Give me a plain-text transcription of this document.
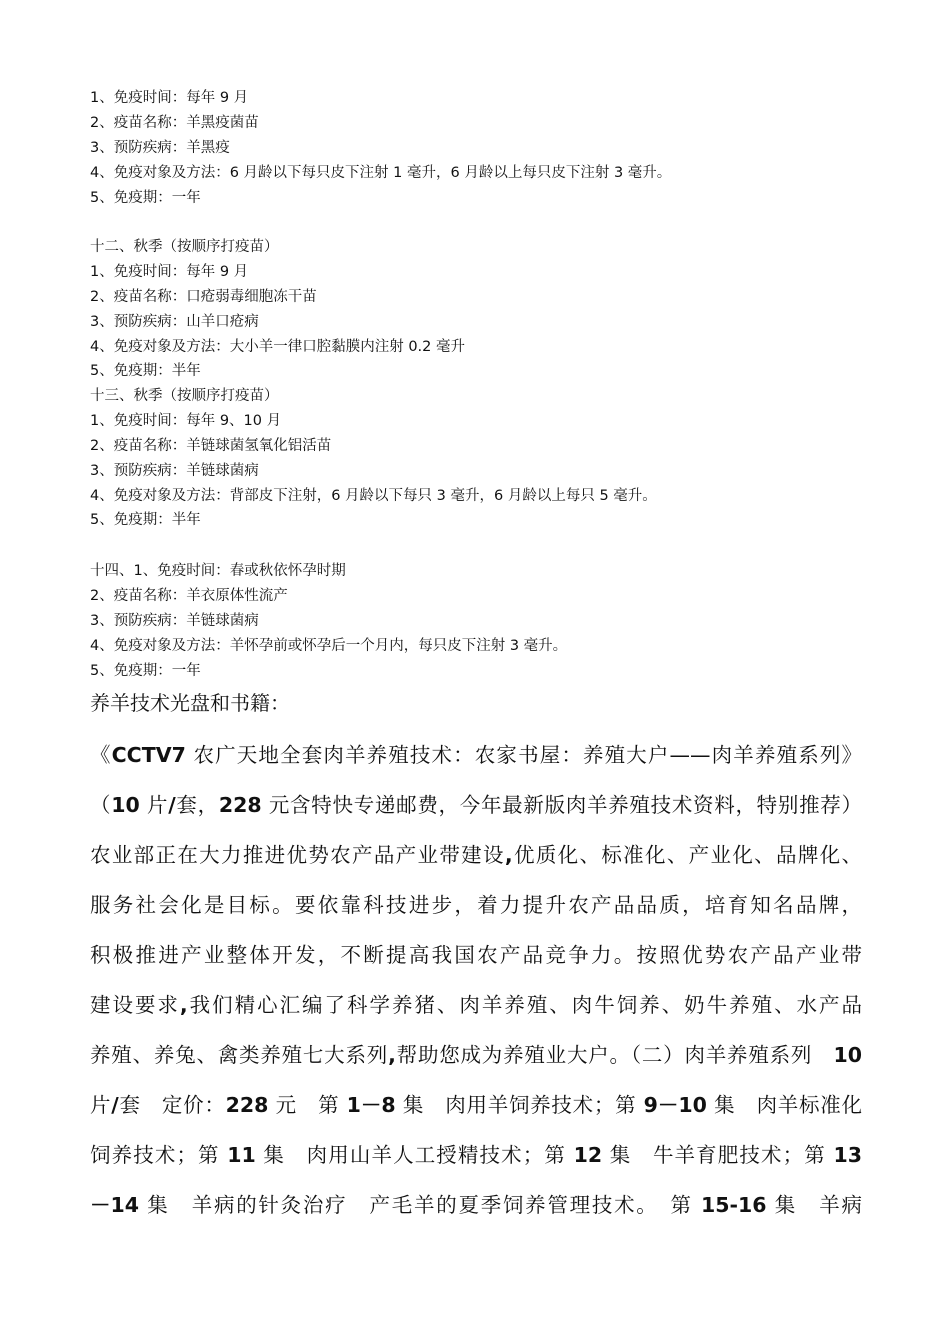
1、免疫时间：每年 9 月
2、疫苗名称：羊黑疫菌苗
3、预防疾病：羊黑疫
4、免疫对象及方法：6 月龄以下每只皮下注射 1 毫升，6 月龄以上每只皮下注射 3 毫升。
5、免疫期：一年
十二、秋季（按顺序打疫苗）
1、免疫时间：每年 9 月
2、疫苗名称：口疮弱毒细胞冻干苗
3、预防疾病：山羊口疮病
4、免疫对象及方法：大小羊一律口腔黏膜内注射 0.2 毫升
5、免疫期：半年
十三、秋季（按顺序打疫苗）
1、免疫时间：每年 9、10 月
2、疫苗名称：羊链球菌氢氧化铝活苗
3、预防疾病：羊链球菌病
4、免疫对象及方法：背部皮下注射，6 月龄以下每只 3 毫升，6 月龄以上每只 5 毫升。
5、免疫期：半年
十四、1、免疫时间：春或秋依怀孕时期
2、疫苗名称：羊衣原体性流产
3、预防疾病：羊链球菌病
4、免疫对象及方法：羊怀孕前或怀孕后一个月内，每只皮下注射 3 毫升。
5、免疫期：一年
养羊技术光盘和书籍：
《CCTV7 农广天地全套肉羊养殖技术：农家书屋：养殖大户——肉羊养殖系列》
（10 片/套，228 元含特快专递邮费，今年最新版肉羊养殖技术资料，特别推荐）
农业部正在大力推进优势农产品产业带建设,优质化、标准化、产业化、品牌化、
服务社会化是目标。要依靠科技进步，着力提升农产品品质，培育知名品牌，
积极推进产业整体开发，不断提高我国农产品竞争力。按照优势农产品产业带
建设要求,我们精心汇编了科学养猪、肉羊养殖、肉牛饲养、奶牛养殖、水产品
养殖、养兔、禽类养殖七大系列,帮助您成为养殖业大户。（二）肉羊养殖系列　10
片/套　定价：228 元　第 1－8 集　肉用羊饲养技术；第 9－10 集　肉羊标准化
饲养技术；第 11 集　肉用山羊人工授精技术；第 12 集　牛羊育肥技术；第 13
－14 集　羊病的针灸治疗　产毛羊的夏季饲养管理技术。　第 15-16 集　羊病
